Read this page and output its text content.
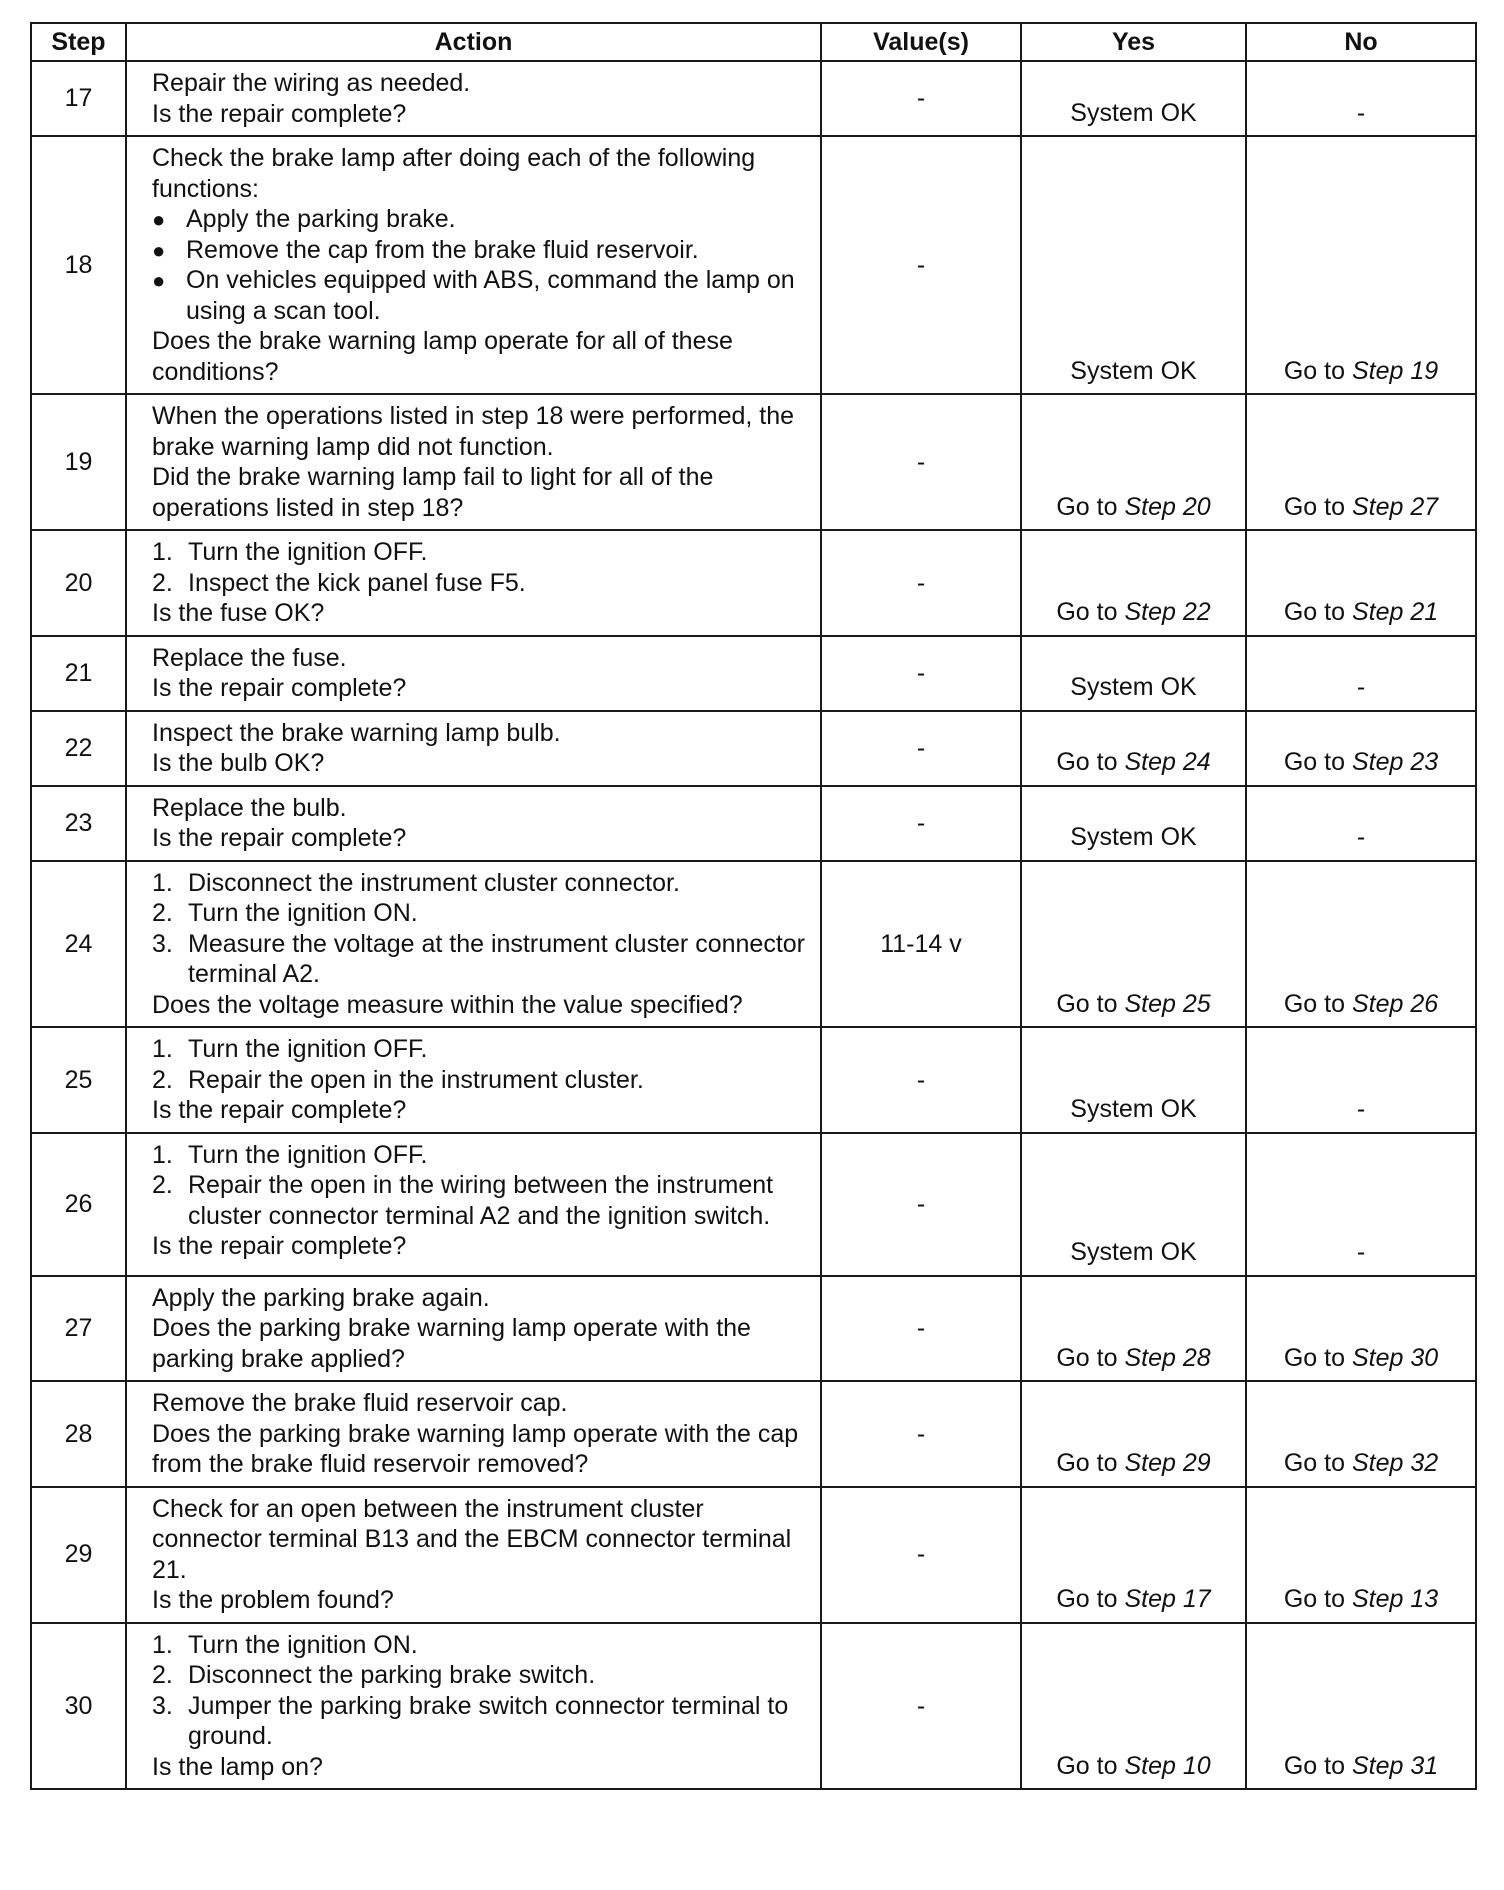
Step	Action	Value(s)	Yes	No
17	Repair the wiring as needed.
Is the repair complete?	-	System OK	-
18	Check the brake lamp after doing each of the following functions:
● Apply the parking brake.
● Remove the cap from the brake fluid reservoir.
● On vehicles equipped with ABS, command the lamp on using a scan tool.
Does the brake warning lamp operate for all of these conditions?	-	System OK	Go to Step 19
19	When the operations listed in step 18 were performed, the brake warning lamp did not function.
Did the brake warning lamp fail to light for all of the operations listed in step 18?	-	Go to Step 20	Go to Step 27
20	1. Turn the ignition OFF.
2. Inspect the kick panel fuse F5.
Is the fuse OK?	-	Go to Step 22	Go to Step 21
21	Replace the fuse.
Is the repair complete?	-	System OK	-
22	Inspect the brake warning lamp bulb.
Is the bulb OK?	-	Go to Step 24	Go to Step 23
23	Replace the bulb.
Is the repair complete?	-	System OK	-
24	1. Disconnect the instrument cluster connector.
2. Turn the ignition ON.
3. Measure the voltage at the instrument cluster connector terminal A2.
Does the voltage measure within the value specified?	11-14 v	Go to Step 25	Go to Step 26
25	1. Turn the ignition OFF.
2. Repair the open in the instrument cluster.
Is the repair complete?	-	System OK	-
26	1. Turn the ignition OFF.
2. Repair the open in the wiring between the instrument cluster connector terminal A2 and the ignition switch.
Is the repair complete?	-	System OK	-
27	Apply the parking brake again.
Does the parking brake warning lamp operate with the parking brake applied?	-	Go to Step 28	Go to Step 30
28	Remove the brake fluid reservoir cap.
Does the parking brake warning lamp operate with the cap from the brake fluid reservoir removed?	-	Go to Step 29	Go to Step 32
29	Check for an open between the instrument cluster connector terminal B13 and the EBCM connector terminal 21.
Is the problem found?	-	Go to Step 17	Go to Step 13
30	1. Turn the ignition ON.
2. Disconnect the parking brake switch.
3. Jumper the parking brake switch connector terminal to ground.
Is the lamp on?	-	Go to Step 10	Go to Step 31
